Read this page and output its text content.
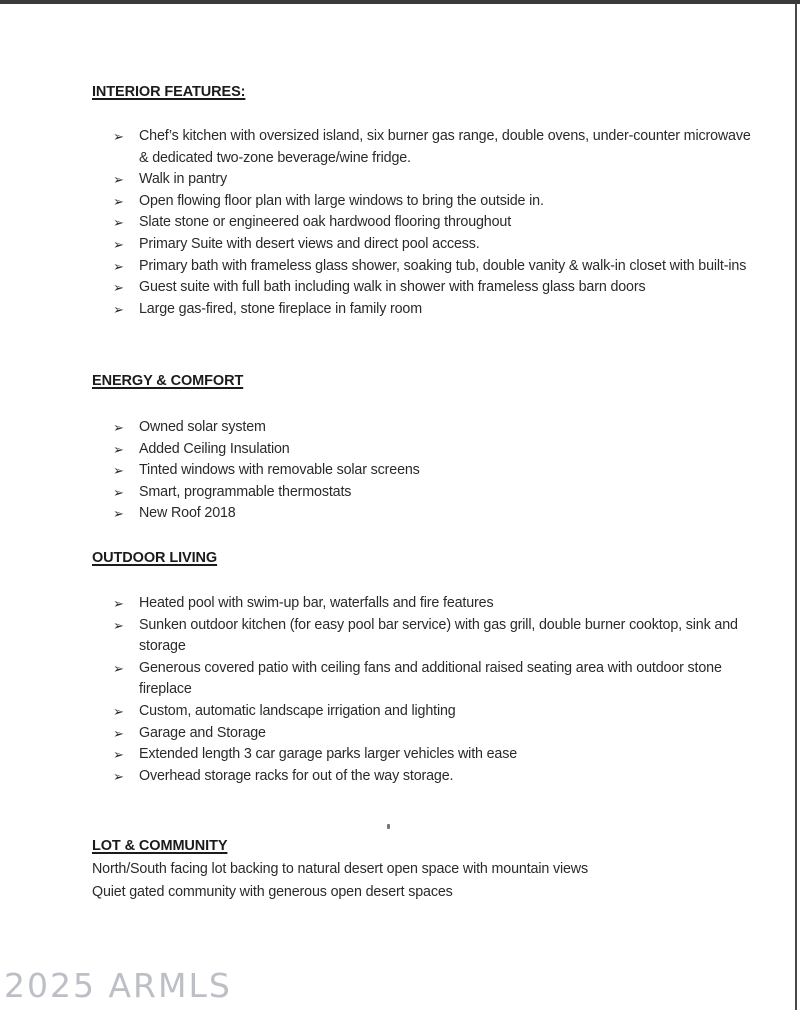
INTERIOR FEATURES:
➢ Chef’s kitchen with oversized island, six burner gas range, double ovens, under-counter microwave & dedicated two-zone beverage/wine fridge.
➢ Walk in pantry
➢ Open flowing floor plan with large windows to bring the outside in.
➢ Slate stone or engineered oak hardwood flooring throughout
➢ Primary Suite with desert views and direct pool access.
➢ Primary bath with frameless glass shower, soaking tub, double vanity & walk-in closet with built-ins
➢ Guest suite with full bath including walk in shower with frameless glass barn doors
➢ Large gas-fired, stone fireplace in family room
ENERGY & COMFORT
➢ Owned solar system
➢ Added Ceiling Insulation
➢ Tinted windows with removable solar screens
➢ Smart, programmable thermostats
➢ New Roof 2018
OUTDOOR LIVING
➢ Heated pool with swim-up bar, waterfalls and fire features
➢ Sunken outdoor kitchen (for easy pool bar service) with gas grill, double burner cooktop, sink and storage
➢ Generous covered patio with ceiling fans and additional raised seating area with outdoor stone fireplace
➢ Custom, automatic landscape irrigation and lighting
➢ Garage and Storage
➢ Extended length 3 car garage parks larger vehicles with ease
➢ Overhead storage racks for out of the way storage.
LOT & COMMUNITY
North/South facing lot backing to natural desert open space with mountain views
Quiet gated community with generous open desert spaces
2025 ARMLS
